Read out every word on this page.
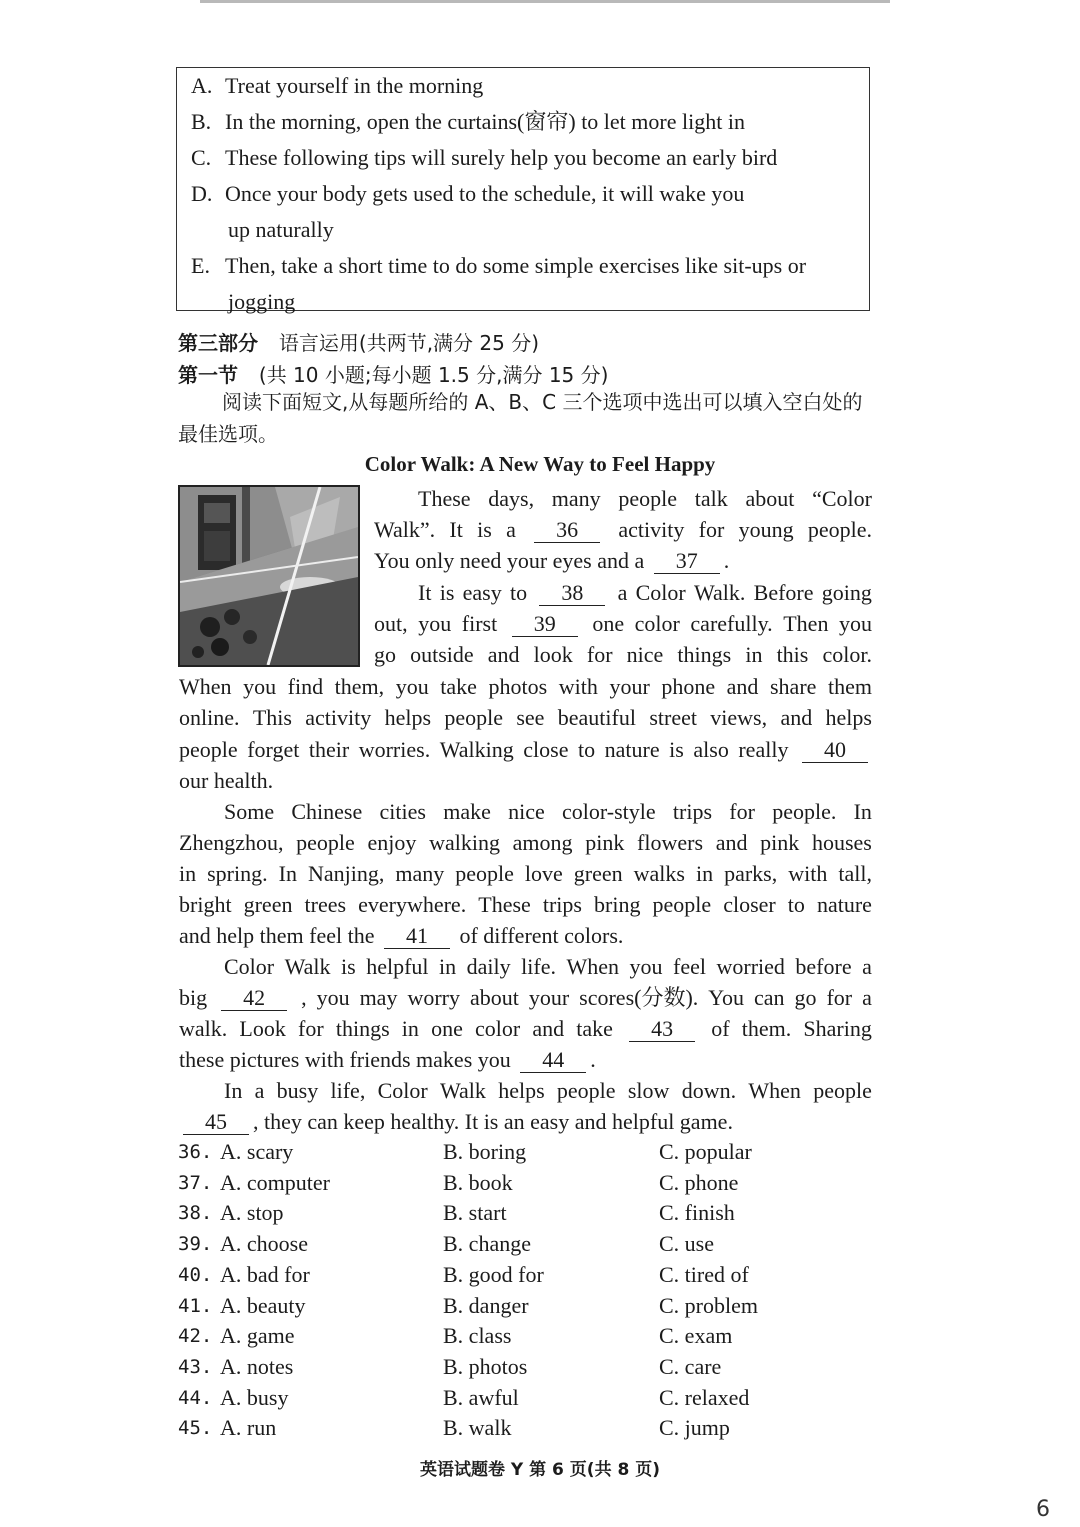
A. Treat yourself in the morning
B. In the morning, open the curtains(窗帘) to let more light in
C. These following tips will surely help you become an early bird
D. Once your body gets used to the schedule, it will wake you
up naturally
E. Then, take a short time to do some simple exercises like sit-ups or
jogging
第三部分 语言运用(共两节,满分 25 分)
第一节 (共 10 小题;每小题 1.5 分,满分 15 分)
阅读下面短文,从每题所给的 A、B、C 三个选项中选出可以填入空白处的最佳选项。
Color Walk: A New Way to Feel Happy
These days, many people talk about “Color
Walk”. It is a	36	activity for young people.
You only need your eyes and a 37 .
It is easy to	38	a Color Walk. Before going
out, you first	39	one color carefully. Then you
go outside and look for nice things in this color.
When you find them, you take photos with your phone and share them
online. This activity helps people see beautiful street views, and helps
people forget their worries. Walking close to nature is also really	40
our health.
Some Chinese cities make nice color-style trips for people. In
Zhengzhou, people enjoy walking among pink flowers and pink houses
in spring. In Nanjing, many people love green walks in parks, with tall,
bright green trees everywhere. These trips bring people closer to nature
and help them feel the 41 of different colors.
Color Walk is helpful in daily life. When you feel worried before a
big	42	, you may worry about your scores(分数). You can go for a
walk. Look for things in one color and take	43	of them. Sharing
these pictures with friends makes you 44 .
In a busy life, Color Walk helps people slow down. When people
45 , they can keep healthy. It is an easy and helpful game.
36. A. scary	B. boring	C. popular
37. A. computer	B. book	C. phone
38. A. stop	B. start	C. finish
39. A. choose	B. change	C. use
40. A. bad for	B. good for	C. tired of
41. A. beauty	B. danger	C. problem
42. A. game	B. class	C. exam
43. A. notes	B. photos	C. care
44. A. busy	B. awful	C. relaxed
45. A. run	B. walk	C. jump
英语试题卷 Y 第 6 页(共 8 页)
6
